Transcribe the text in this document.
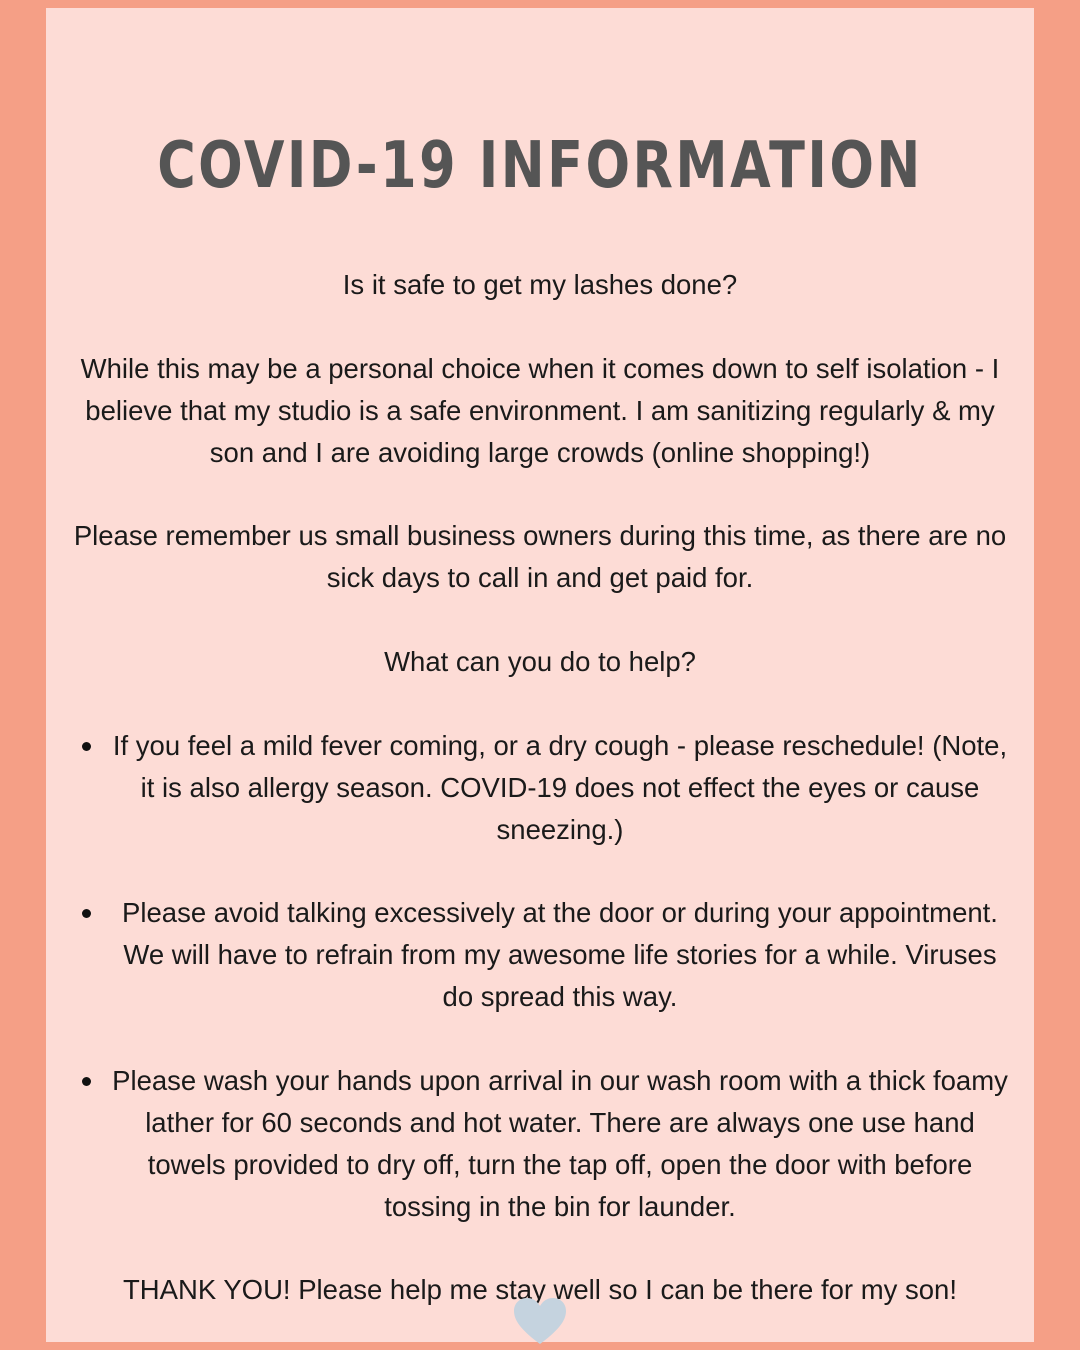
COVID-19 INFORMATION

Is it safe to get my lashes done?

While this may be a personal choice when it comes down to self isolation - I believe that my studio is a safe environment. I am sanitizing regularly & my son and I are avoiding large crowds (online shopping!)

Please remember us small business owners during this time, as there are no sick days to call in and get paid for.

What can you do to help?

If you feel a mild fever coming, or a dry cough - please reschedule! (Note, it is also allergy season. COVID-19 does not effect the eyes or cause sneezing.)

Please avoid talking excessively at the door or during your appointment. We will have to refrain from my awesome life stories for a while. Viruses do spread this way.

Please wash your hands upon arrival in our wash room with a thick foamy lather for 60 seconds and hot water. There are always one use hand towels provided to dry off, turn the tap off, open the door with before tossing in the bin for launder.

THANK YOU! Please help me stay well so I can be there for my son!
